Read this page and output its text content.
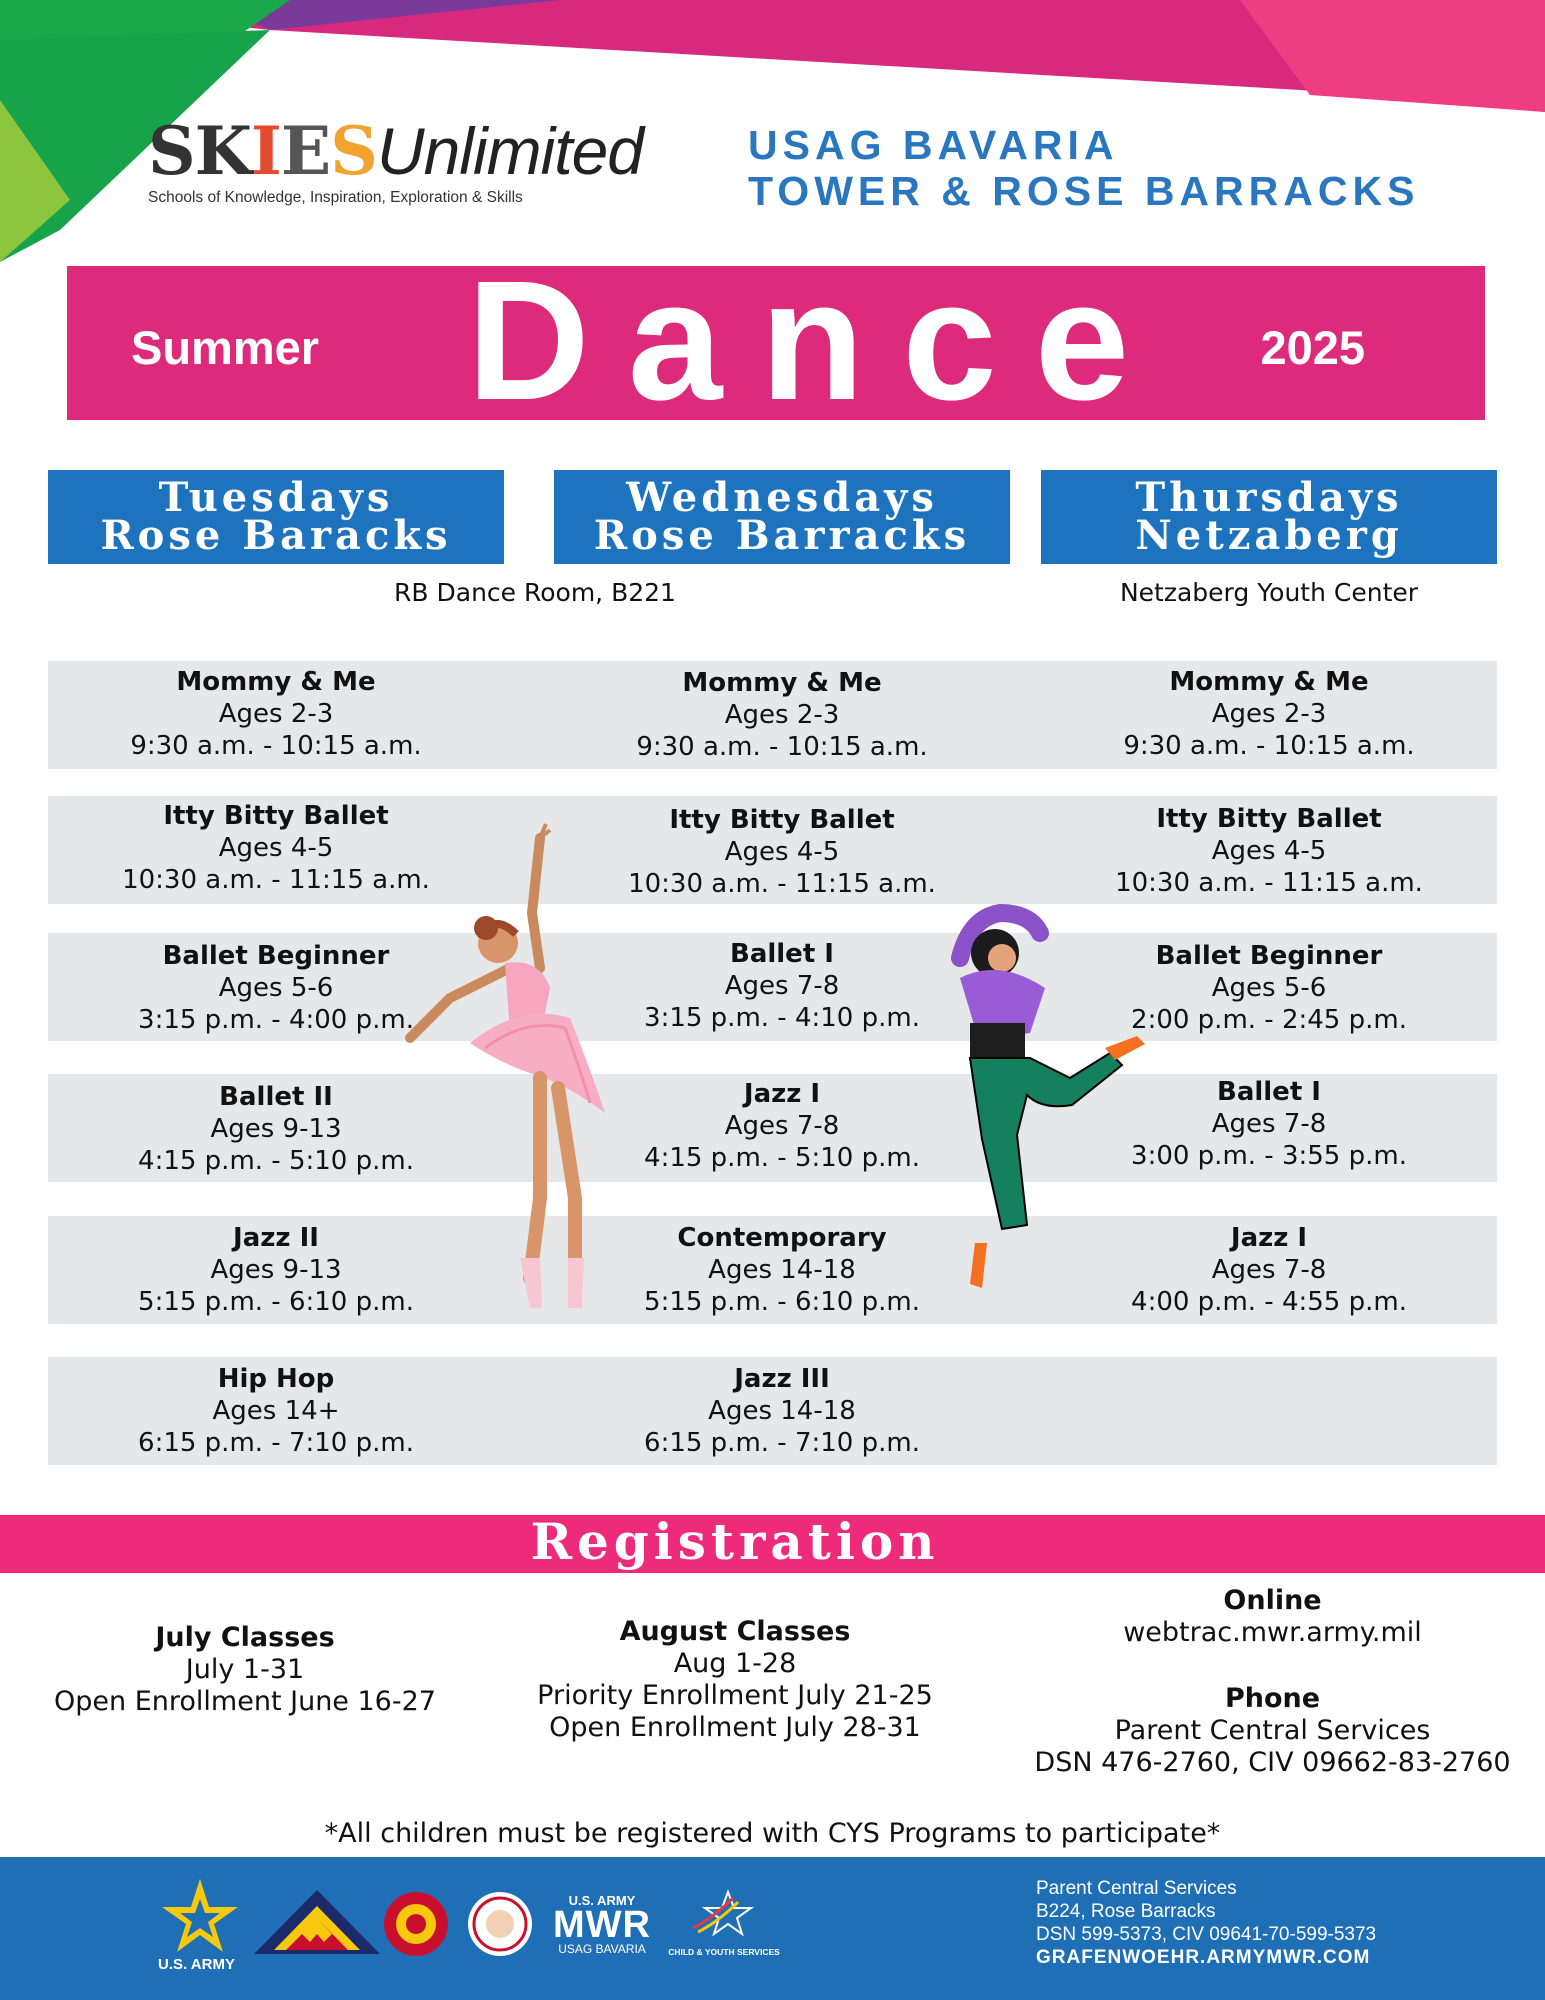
SKIESUnlimited
Schools of Knowledge, Inspiration, Exploration & Skills
USAG BAVARIA
TOWER & ROSE BARRACKS
Summer Dance 2025
Tuesdays
Rose Baracks
Wednesdays
Rose Barracks
Thursdays
Netzaberg
RB Dance Room, B221	Netzaberg Youth Center
Mommy & Me
Ages 2-3
9:30 a.m. - 10:15 a.m.
Itty Bitty Ballet
Ages 4-5
10:30 a.m. - 11:15 a.m.
Ballet Beginner
Ages 5-6
3:15 p.m. - 4:00 p.m.
Ballet II
Ages 9-13
4:15 p.m. - 5:10 p.m.
Jazz II
Ages 9-13
5:15 p.m. - 6:10 p.m.
Hip Hop
Ages 14+
6:15 p.m. - 7:10 p.m.
Mommy & Me
Ages 2-3
9:30 a.m. - 10:15 a.m.
Itty Bitty Ballet
Ages 4-5
10:30 a.m. - 11:15 a.m.
Ballet I
Ages 7-8
3:15 p.m. - 4:10 p.m.
Jazz I
Ages 7-8
4:15 p.m. - 5:10 p.m.
Contemporary
Ages 14-18
5:15 p.m. - 6:10 p.m.
Jazz III
Ages 14-18
6:15 p.m. - 7:10 p.m.
Mommy & Me
Ages 2-3
9:30 a.m. - 10:15 a.m.
Itty Bitty Ballet
Ages 4-5
10:30 a.m. - 11:15 a.m.
Ballet Beginner
Ages 5-6
2:00 p.m. - 2:45 p.m.
Ballet I
Ages 7-8
3:00 p.m. - 3:55 p.m.
Jazz I
Ages 7-8
4:00 p.m. - 4:55 p.m.
Registration
July Classes
July 1-31
Open Enrollment June 16-27
August Classes
Aug 1-28
Priority Enrollment July 21-25
Open Enrollment July 28-31
Online
webtrac.mwr.army.mil
Phone
Parent Central Services
DSN 476-2760, CIV 09662-83-2760
*All children must be registered with CYS Programs to participate*
U.S. ARMY
U.S. ARMY
MWR
USAG BAVARIA	CHILD & YOUTH SERVICES
Parent Central Services
B224, Rose Barracks
DSN 599-5373, CIV 09641-70-599-5373
GRAFENWOEHR.ARMYMWR.COM
